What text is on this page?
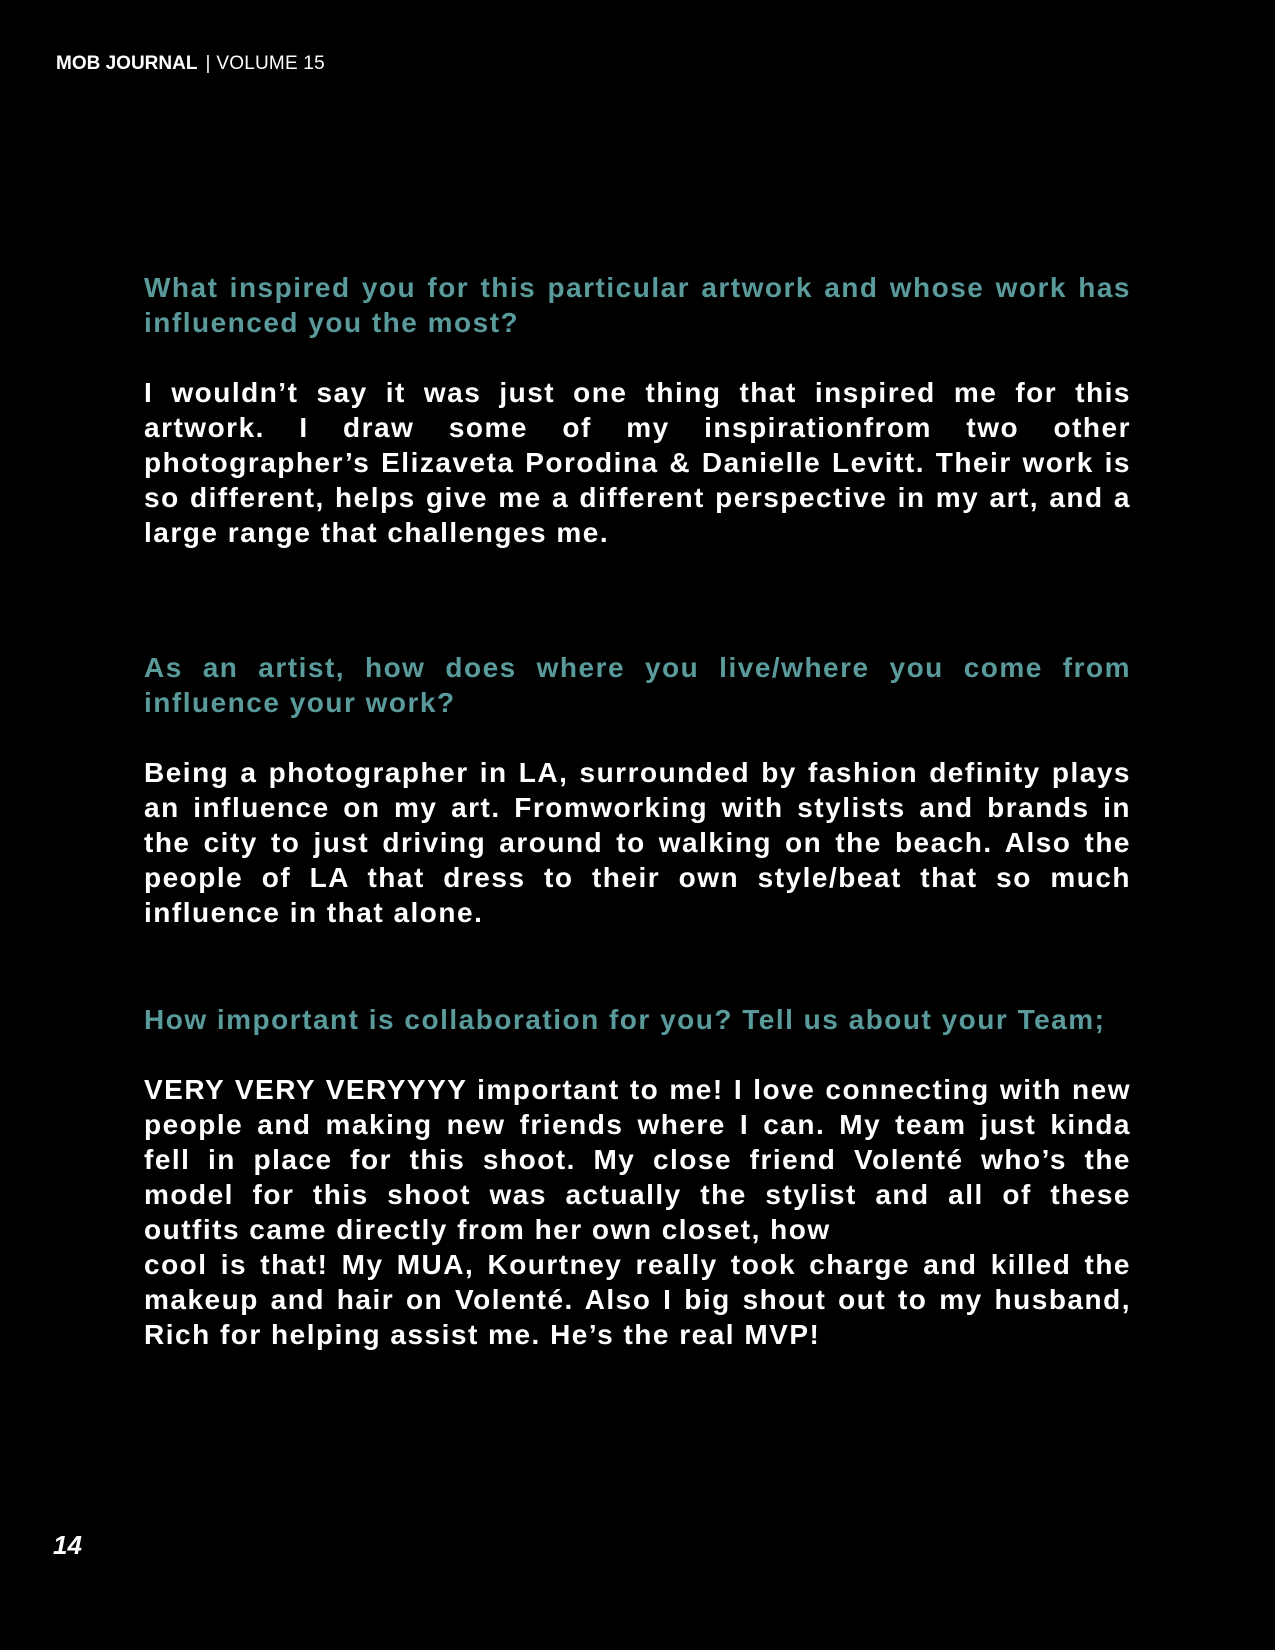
MOB JOURNAL | VOLUME 15

What inspired you for this particular artwork and whose work has influenced you the most?

I wouldn’t say it was just one thing that inspired me for this artwork. I draw some of my inspirationfrom two other photographer’s Elizaveta Porodina & Danielle Levitt. Their work is so different, helps give me a different perspective in my art, and a large range that challenges me.

As an artist, how does where you live/where you come from influence your work?

Being a photographer in LA, surrounded by fashion definity plays an influence on my art. Fromworking with stylists and brands in the city to just driving around to walking on the beach. Also the people of LA that dress to their own style/beat that so much influence in that alone.

How important is collaboration for you? Tell us about your Team;

VERY VERY VERYYYY important to me! I love connecting with new people and making new friends where I can. My team just kinda fell in place for this shoot. My close friend Volenté who’s the model for this shoot was actually the stylist and all of these outfits came directly from her own closet, how
cool is that! My MUA, Kourtney really took charge and killed the makeup and hair on Volenté. Also I big shout out to my husband, Rich for helping assist me. He’s the real MVP!

14
